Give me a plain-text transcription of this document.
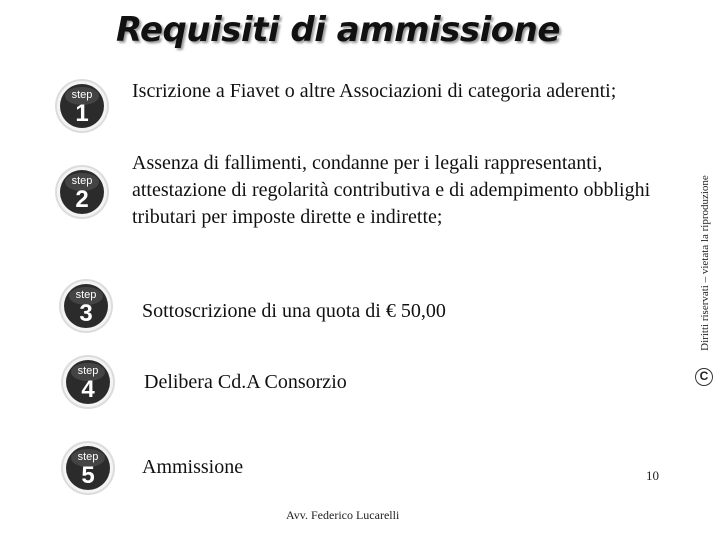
Requisiti di ammissione
step
1
Iscrizione a Fiavet o altre Associazioni di categoria aderenti;
step
2
Assenza di fallimenti, condanne per i legali rappresentanti, attestazione di regolarità contributiva e di adempimento obblighi tributari per imposte dirette e indirette;
step
3 Sottoscrizione di una quota di € 50,00
step
4 Delibera Cd.A Consorzio
step
5 Ammissione
Diritti riservati – vietata la riproduzione
C
10
Avv. Federico Lucarelli
